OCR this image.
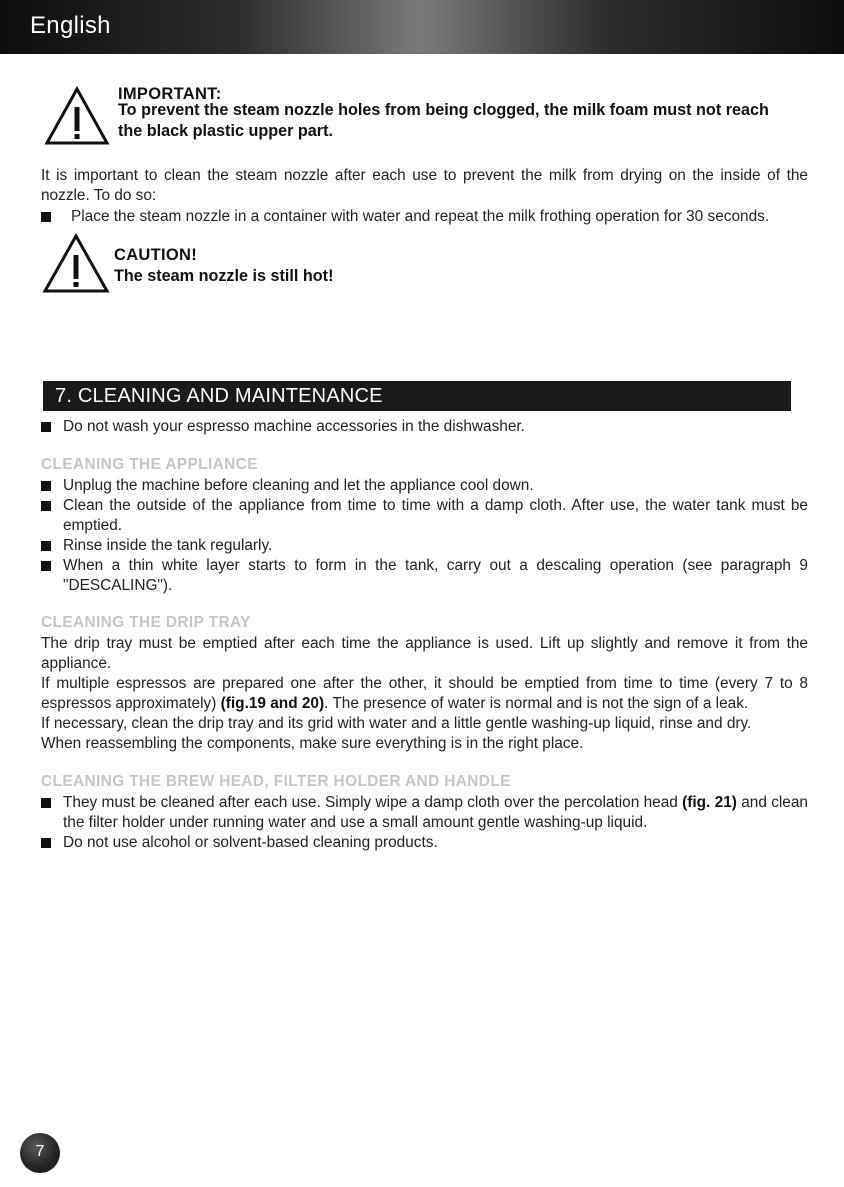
English
IMPORTANT:
To prevent the steam nozzle holes from being clogged, the milk foam must not reach
the black plastic upper part.
It is important to clean the steam nozzle after each use to prevent the milk from drying on the inside of the nozzle. To do so:
Place the steam nozzle in a container with water and repeat the milk frothing operation for 30 seconds.
CAUTION!
The steam nozzle is still hot!
7. CLEANING AND MAINTENANCE
Do not wash your espresso machine accessories in the dishwasher.
CLEANING THE APPLIANCE
Unplug the machine before cleaning and let the appliance cool down.
Clean the outside of the appliance from time to time with a damp cloth. After use, the water tank must be emptied.
Rinse inside the tank regularly.
When a thin white layer starts to form in the tank, carry out a descaling operation (see paragraph 9 "DESCALING").
CLEANING THE DRIP TRAY
The drip tray must be emptied after each time the appliance is used. Lift up slightly and remove it from the appliance.
If multiple espressos are prepared one after the other, it should be emptied from time to time (every 7 to 8 espressos approximately) (fig.19 and 20). The presence of water is normal and is not the sign of a leak.
If necessary, clean the drip tray and its grid with water and a little gentle washing-up liquid, rinse and dry.
When reassembling the components, make sure everything is in the right place.
CLEANING THE BREW HEAD, FILTER HOLDER AND HANDLE
They must be cleaned after each use. Simply wipe a damp cloth over the percolation head (fig. 21) and clean the filter holder under running water and use a small amount gentle washing-up liquid.
Do not use alcohol or solvent-based cleaning products.
7
